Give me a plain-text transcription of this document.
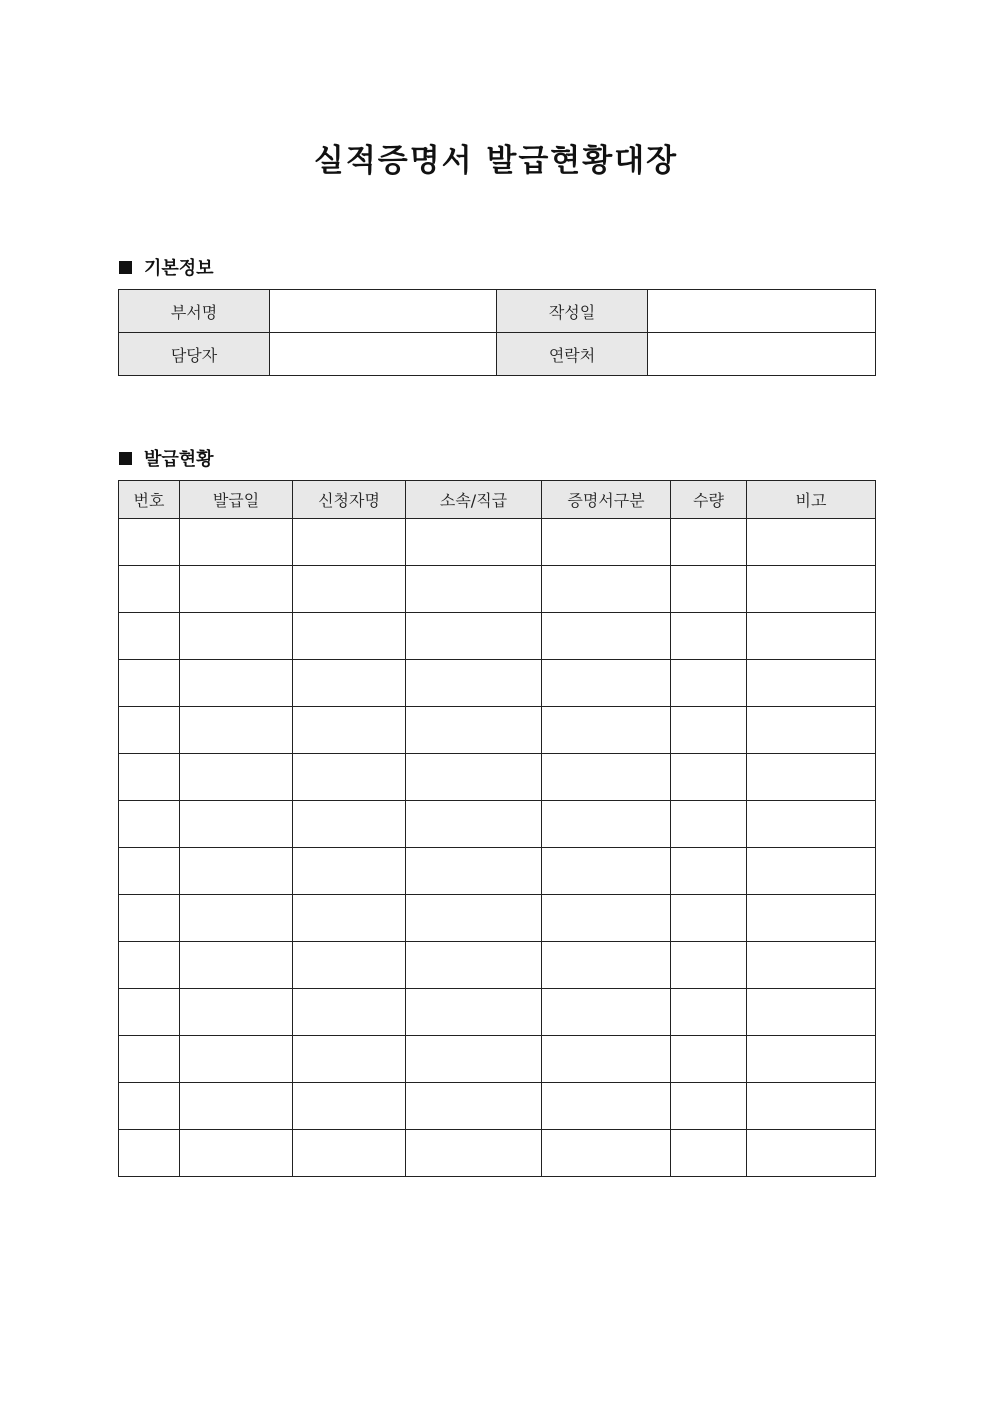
실적증명서 발급현황대장
기본정보
부서명		작성일	
담당자		연락처	
발급현황
번호	발급일	신청자명	소속/직급	증명서구분	수량	비고
